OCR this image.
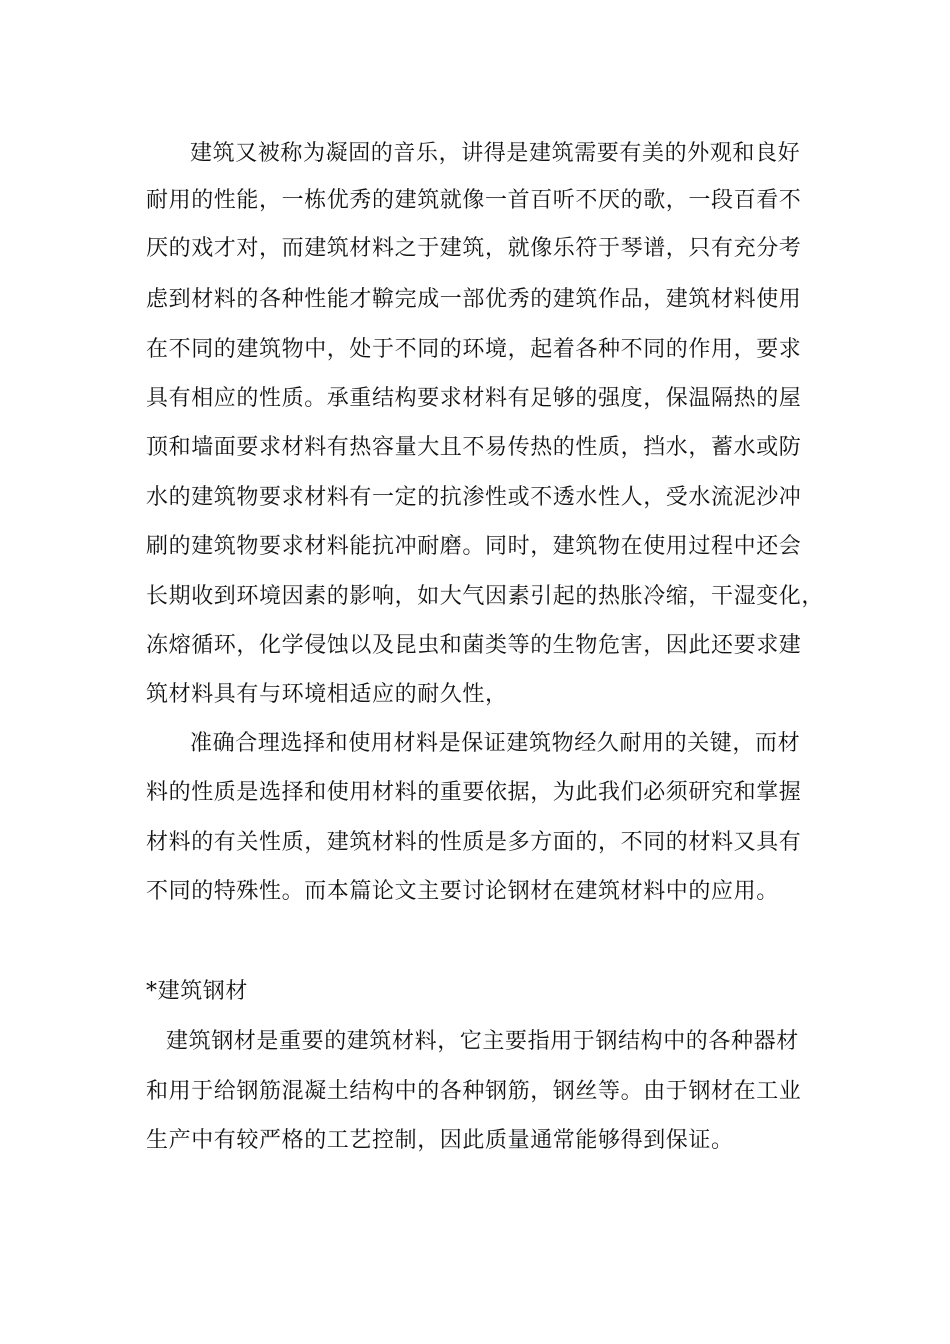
建筑又被称为凝固的音乐，讲得是建筑需要有美的外观和良好
耐用的性能，一栋优秀的建筑就像一首百听不厌的歌，一段百看不
厌的戏才对，而建筑材料之于建筑，就像乐符于琴谱，只有充分考
虑到材料的各种性能才鞥完成一部优秀的建筑作品，建筑材料使用
在不同的建筑物中，处于不同的环境，起着各种不同的作用，要求
具有相应的性质。承重结构要求材料有足够的强度，保温隔热的屋
顶和墙面要求材料有热容量大且不易传热的性质，挡水，蓄水或防
水的建筑物要求材料有一定的抗渗性或不透水性人，受水流泥沙冲
刷的建筑物要求材料能抗冲耐磨。同时，建筑物在使用过程中还会
长期收到环境因素的影响，如大气因素引起的热胀冷缩，干湿变化，
冻熔循环，化学侵蚀以及昆虫和菌类等的生物危害，因此还要求建
筑材料具有与环境相适应的耐久性，
准确合理选择和使用材料是保证建筑物经久耐用的关键，而材
料的性质是选择和使用材料的重要依据，为此我们必须研究和掌握
材料的有关性质，建筑材料的性质是多方面的，不同的材料又具有
不同的特殊性。而本篇论文主要讨论钢材在建筑材料中的应用。
*建筑钢材
建筑钢材是重要的建筑材料，它主要指用于钢结构中的各种器材
和用于给钢筋混凝土结构中的各种钢筋，钢丝等。由于钢材在工业
生产中有较严格的工艺控制，因此质量通常能够得到保证。
